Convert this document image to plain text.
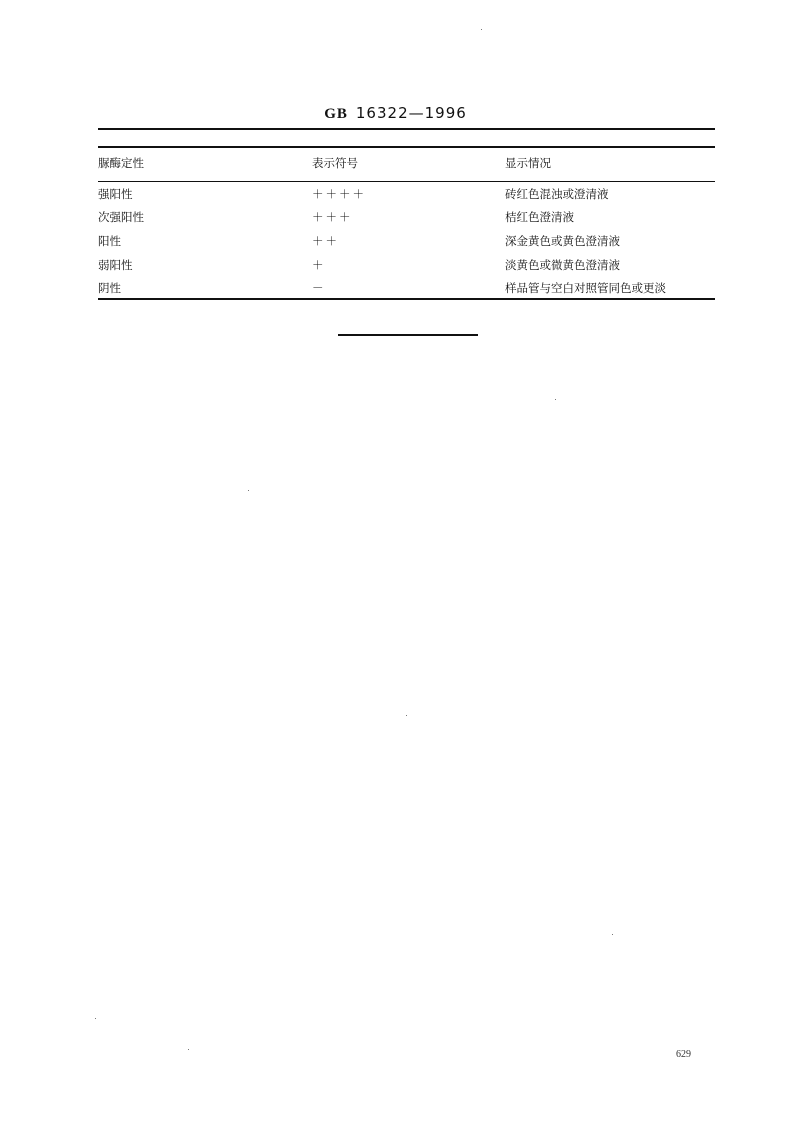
GB 16322—1996
脲酶定性	表示符号	显示情况
强阳性	＋＋＋＋	砖红色混浊或澄清液
次强阳性	＋＋＋	桔红色澄清液
阳性	＋＋	深金黄色或黄色澄清液
弱阳性	＋	淡黄色或微黄色澄清液
阴性	－	样品管与空白对照管同色或更淡
629
